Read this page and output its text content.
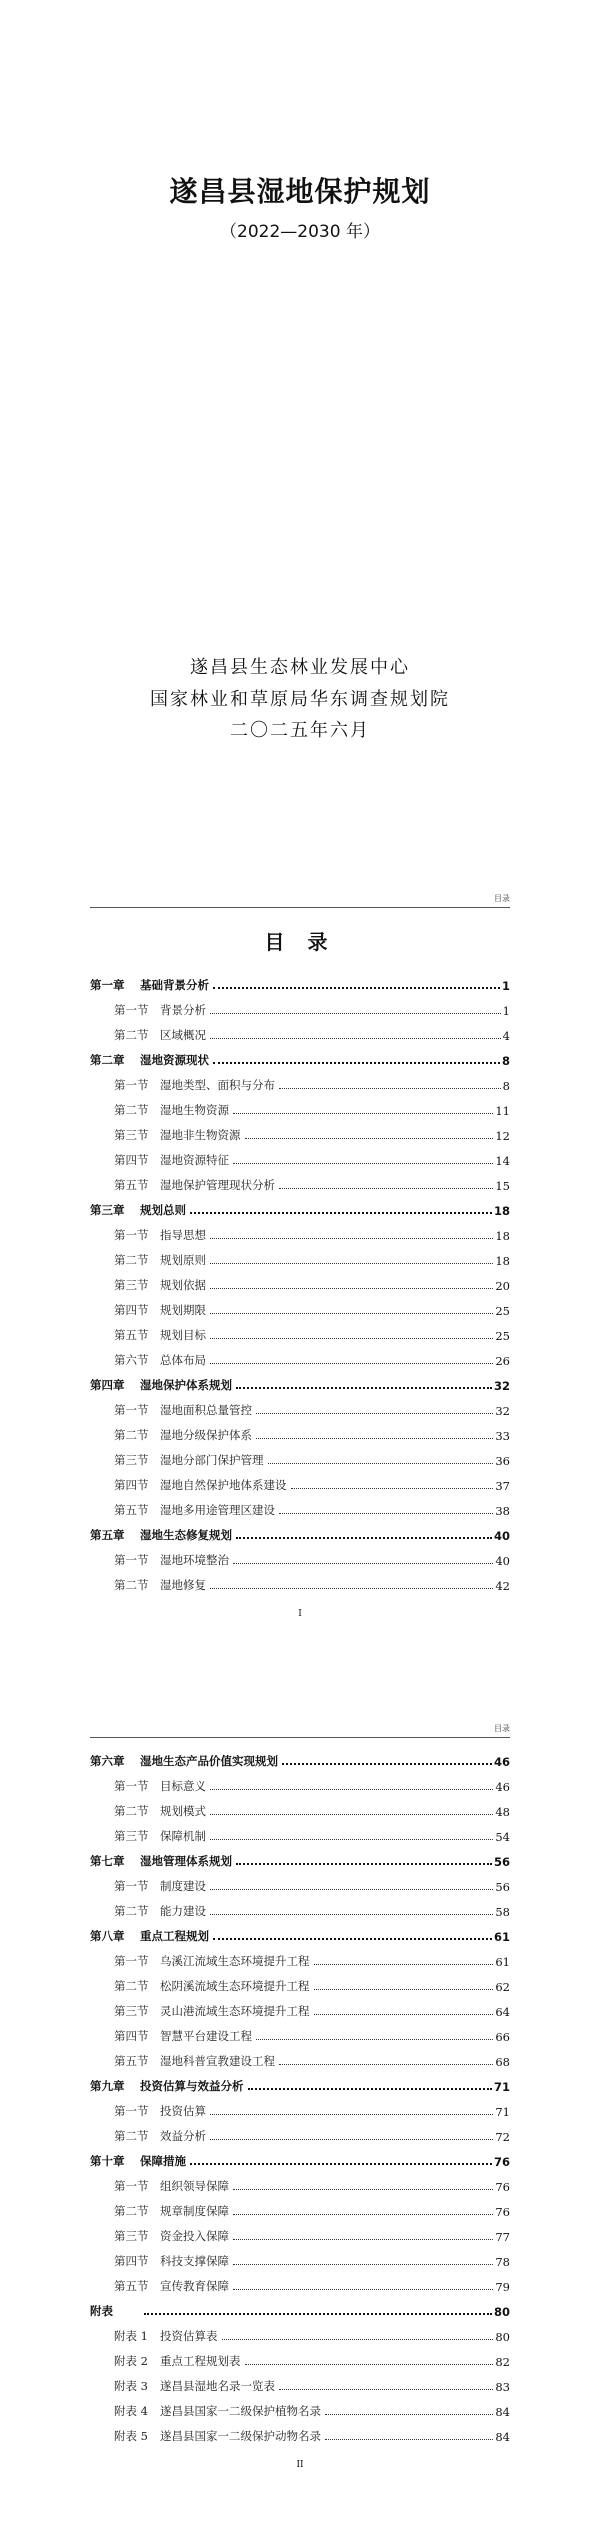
遂昌县湿地保护规划
（2022—2030 年）
遂昌县生态林业发展中心
国家林业和草原局华东调查规划院
二〇二五年六月
目录
目 录
第一章 基础背景分析	1
第一节 背景分析	1
第二节 区域概况	4
第二章 湿地资源现状	8
第一节 湿地类型、面积与分布	8
第二节 湿地生物资源	11
第三节 湿地非生物资源	12
第四节 湿地资源特征	14
第五节 湿地保护管理现状分析	15
第三章 规划总则	18
第一节 指导思想	18
第二节 规划原则	18
第三节 规划依据	20
第四节 规划期限	25
第五节 规划目标	25
第六节 总体布局	26
第四章 湿地保护体系规划	32
第一节 湿地面积总量管控	32
第二节 湿地分级保护体系	33
第三节 湿地分部门保护管理	36
第四节 湿地自然保护地体系建设	37
第五节 湿地多用途管理区建设	38
第五章 湿地生态修复规划	40
第一节 湿地环境整治	40
第二节 湿地修复	42
I
目录
第六章 湿地生态产品价值实现规划	46
第一节 目标意义	46
第二节 规划模式	48
第三节 保障机制	54
第七章 湿地管理体系规划	56
第一节 制度建设	56
第二节 能力建设	58
第八章 重点工程规划	61
第一节 乌溪江流域生态环境提升工程	61
第二节 松阴溪流域生态环境提升工程	62
第三节 灵山港流域生态环境提升工程	64
第四节 智慧平台建设工程	66
第五节 湿地科普宣教建设工程	68
第九章 投资估算与效益分析	71
第一节 投资估算	71
第二节 效益分析	72
第十章 保障措施	76
第一节 组织领导保障	76
第二节 规章制度保障	76
第三节 资金投入保障	77
第四节 科技支撑保障	78
第五节 宣传教育保障	79
附表	80
附表 1 投资估算表	80
附表 2 重点工程规划表	82
附表 3 遂昌县湿地名录一览表	83
附表 4 遂昌县国家一二级保护植物名录	84
附表 5 遂昌县国家一二级保护动物名录	84
II
